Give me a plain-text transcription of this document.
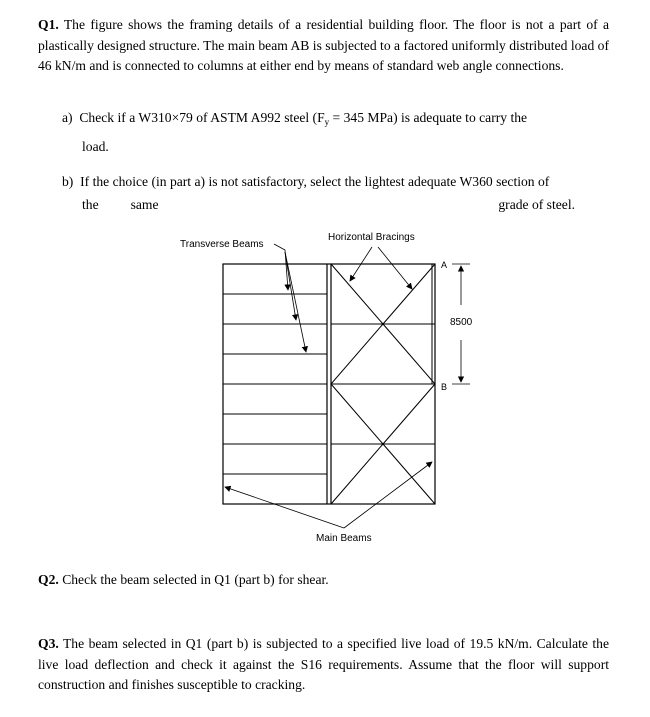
Q1. The figure shows the framing details of a residential building floor. The floor is not a part of a plastically designed structure. The main beam AB is subjected to a factored uniformly distributed load of 46 kN/m and is connected to columns at either end by means of standard web angle connections.

a) Check if a W310×79 of ASTM A992 steel ($F_y = 345$ MPa) is adequate to carry the
load.
b) If the choice (in part a) is not satisfactory, select the lightest adequate W360 section of
the same	grade of steel.
Transverse Beams
Horizontal Bracings
Main Beams
A
B
8500

Q2. Check the beam selected in Q1 (part b) for shear.

Q3. The beam selected in Q1 (part b) is subjected to a specified live load of 19.5 kN/m. Calculate the live load deflection and check it against the S16 requirements. Assume that the floor will support construction and finishes susceptible to cracking.
